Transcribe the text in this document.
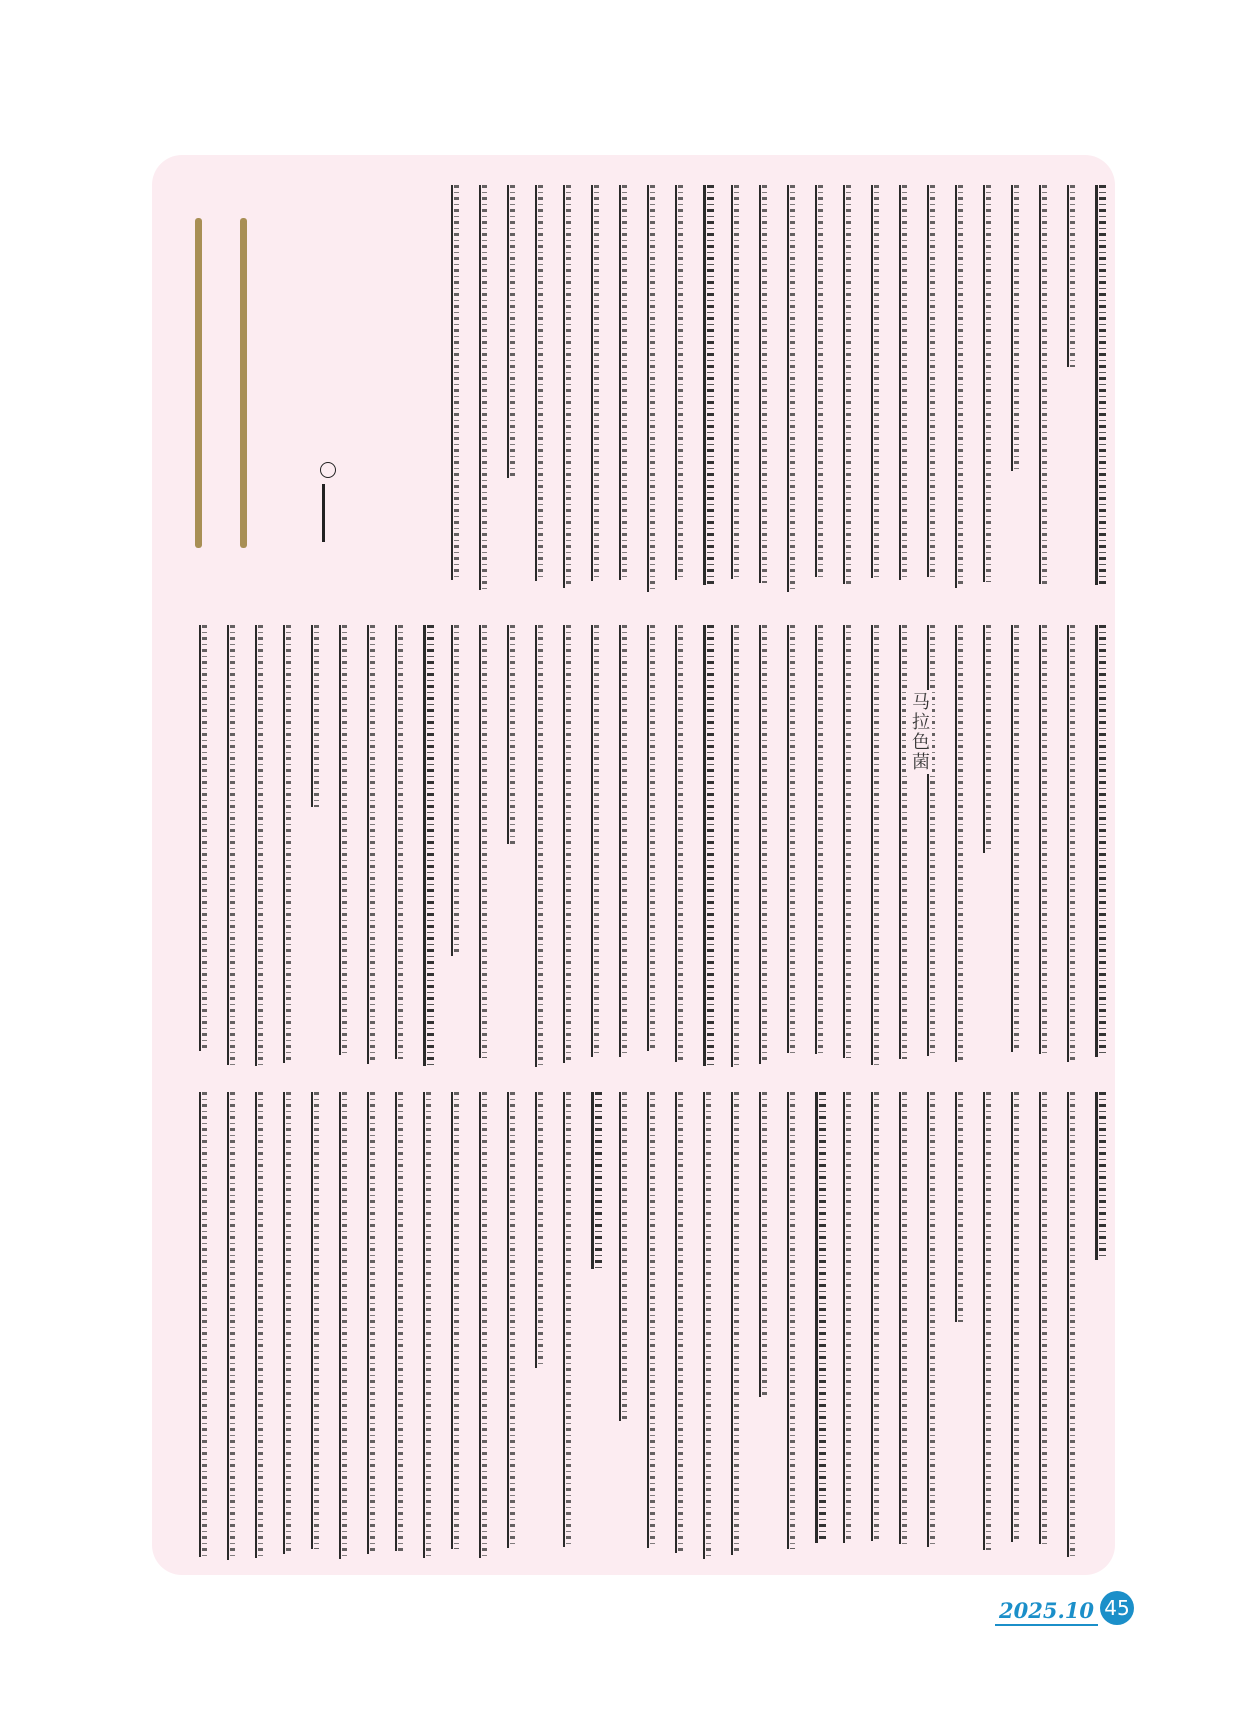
马拉色菌
2025.10 45
